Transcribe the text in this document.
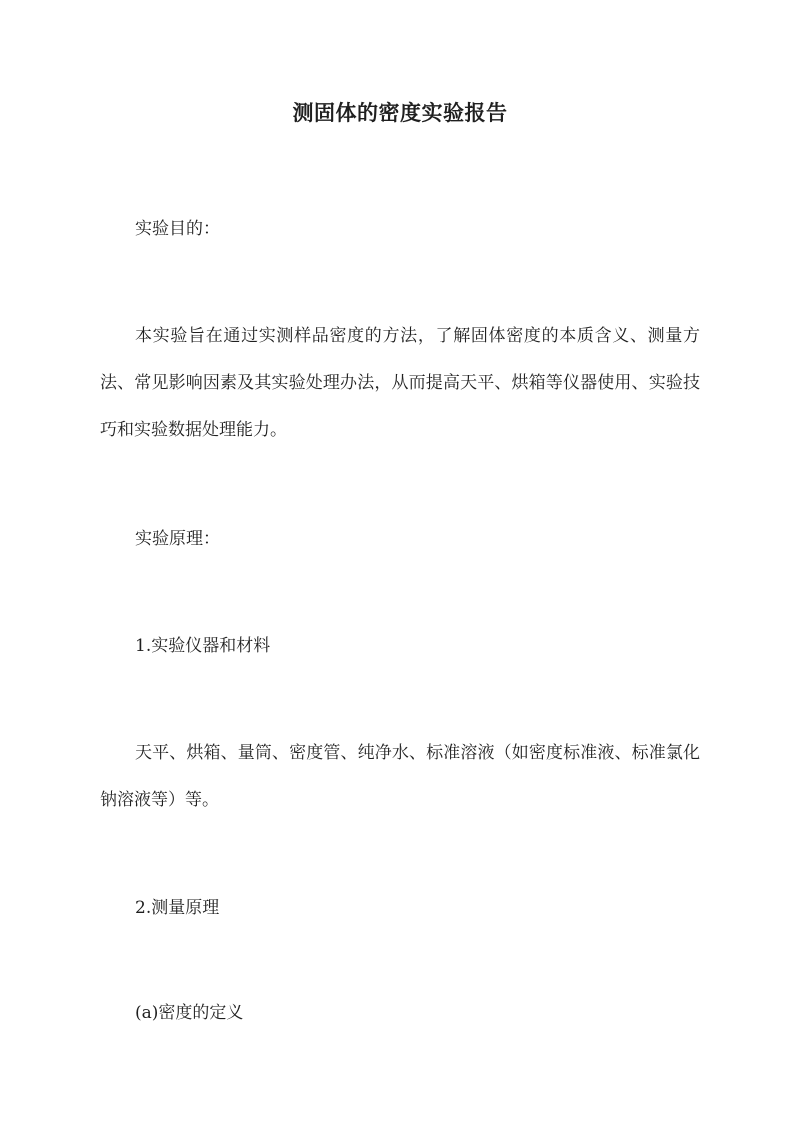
测固体的密度实验报告
实验目的：
本实验旨在通过实测样品密度的方法，了解固体密度的本质含义、测量方法、常见影响因素及其实验处理办法，从而提高天平、烘箱等仪器使用、实验技巧和实验数据处理能力。
实验原理：
1.实验仪器和材料
天平、烘箱、量筒、密度管、纯净水、标准溶液（如密度标准液、标准氯化钠溶液等）等。
2.测量原理
(a)密度的定义
